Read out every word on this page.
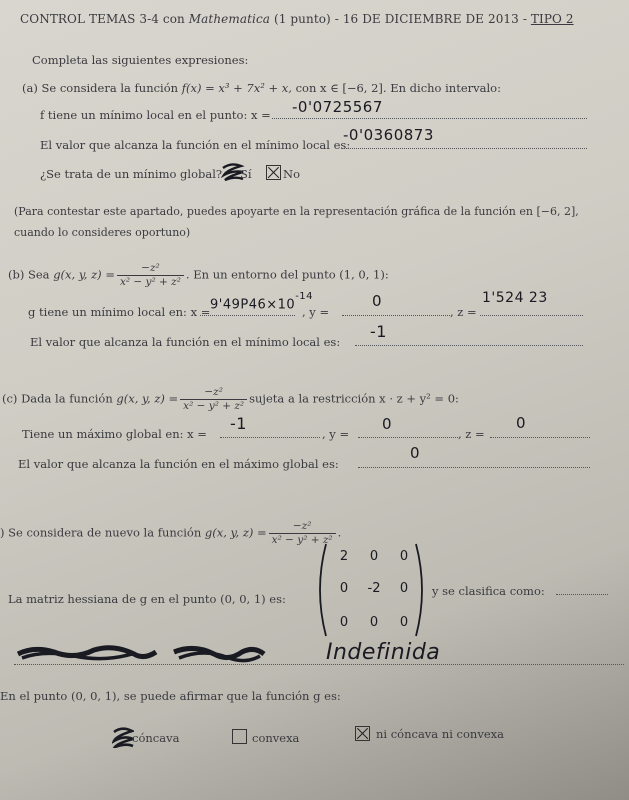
CONTROL TEMAS 3-4 con Mathematica (1 punto) - 16 DE DICIEMBRE DE 2013 - TIPO 2
Completa las siguientes expresiones:
(a) Se considera la función f(x) = x³ + 7x² + x, con x ∈ [−6, 2]. En dicho intervalo:
f tiene un mínimo local en el punto: x = -0'0725567
El valor que alcanza la función en el mínimo local es:
-0'0360873
¿Se trata de un mínimo global? Sí	No
(Para contestar este apartado, puedes apoyarte en la representación gráfica de la función en [−6, 2],
cuando lo consideres oportuno)
(b) Sea g(x, y, $z) = \frac{\text{−z²}}{\text{x² − y² + z²}}$ . En un entorno del punto (1, 0, 1):
g tiene un mínimo local en: $x = 9'49P46\times 10^{-14}$
, y =
0
, z =
1'524 23
El valor que alcanza la función en el mínimo local es:
-1
(c) Dada la función g(x, y, $z) = \frac{\text{−z²}}{\text{x² − y² + z²}}$ sujeta a la restricción x · z + y² = 0:
Tiene un máximo global en: x =
-1
, y =
0
, z =
0
El valor que alcanza la función en el máximo global es:
0
) Se considera de nuevo la función g(x, y, $z) = \frac{\text{−z²}}{\text{x² − y² + z²}}$ .
La matriz hessiana de g en el punto (0, 0, 1) es:
2 0 0
0 -2 0
0 0 0
y se clasifica como:
Indefinida
En el punto (0, 0, 1), se puede afirmar que la función g es:
cóncava	convexa	ni cóncava ni convexa
